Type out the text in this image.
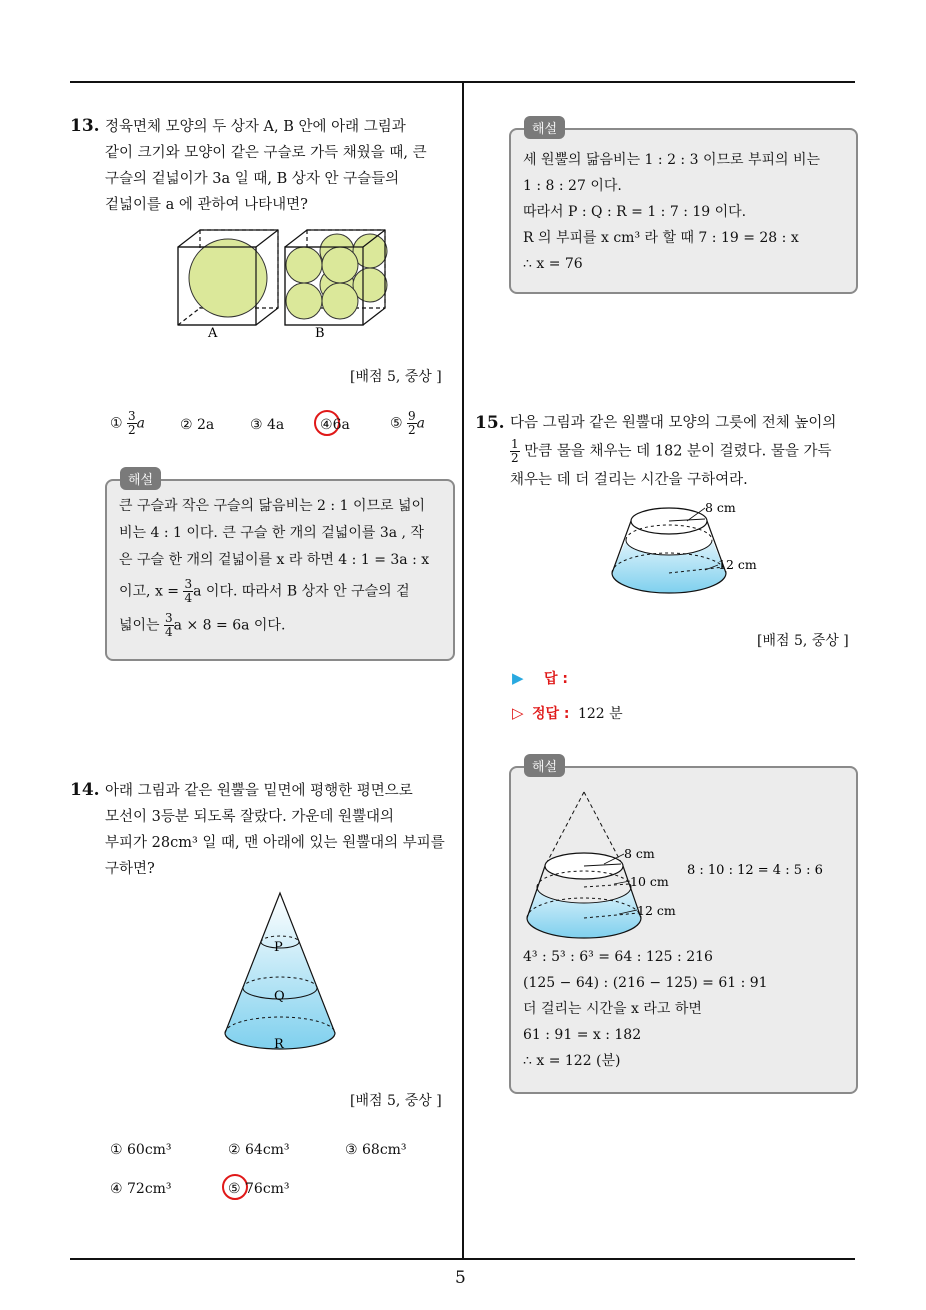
5
13. 정육면체 모양의 두 상자 A, B 안에 아래 그림과
같이 크기와 모양이 같은 구슬로 가득 채웠을 때, 큰
구슬의 겉넓이가 3a 일 때, B 상자 안 구슬들의
겉넓이를 a 에 관하여 나타내면?
A	B
[배점 5, 중상 ]
① $\frac{3}{2}$ a ② 2a	③ 4a	④6a	⑤ $\frac{9}{2}$ a
큰 구슬과 작은 구슬의 닮음비는 2 : 1 이므로 넓이
비는 4 : 1 이다. 큰 구슬 한 개의 겉넓이를 3a , 작
은 구슬 한 개의 겉넓이를 x 라 하면 4 : 1 = 3a : x
이고, $x = \frac{3}{4}$ a 이다. 따라서 B 상자 안 구슬의 겉
넓이는 $\frac{3}{4}$ a × 8 = 6a 이다.
해설
14. 아래 그림과 같은 원뿔을 밑면에 평행한 평면으로
모선이 3등분 되도록 잘랐다. 가운데 원뿔대의
부피가 28cm³ 일 때, 맨 아래에 있는 원뿔대의 부피를
구하면?
P
Q
R
[배점 5, 중상 ]
① 60cm³	② 64cm³	③ 68cm³
④ 72cm³	⑤ 76cm³
세 원뿔의 닮음비는 1 : 2 : 3 이므로 부피의 비는
1 : 8 : 27 이다.
따라서 P : Q : R = 1 : 7 : 19 이다.
R 의 부피를 x cm³ 라 할 때 7 : 19 = 28 : x
∴ x = 76
해설
15. 다음 그림과 같은 원뿔대 모양의 그릇에 전체 높이의
$\frac{1}{2}$ 만큼 물을 채우는 데 182 분이 걸렸다. 물을 가득
채우는 데 더 걸리는 시간을 구하여라.
8 cm
12 cm
[배점 5, 중상 ]
▶ 답 :
▷ 정답 : 122 분
8 cm
10 cm
12 cm
8 : 10 : 12 = 4 : 5 : 6
4³ : 5³ : 6³ = 64 : 125 : 216
(125 − 64) : (216 − 125) = 61 : 91
더 걸리는 시간을 x 라고 하면
61 : 91 = x : 182
∴ x = 122 (분)
해설
